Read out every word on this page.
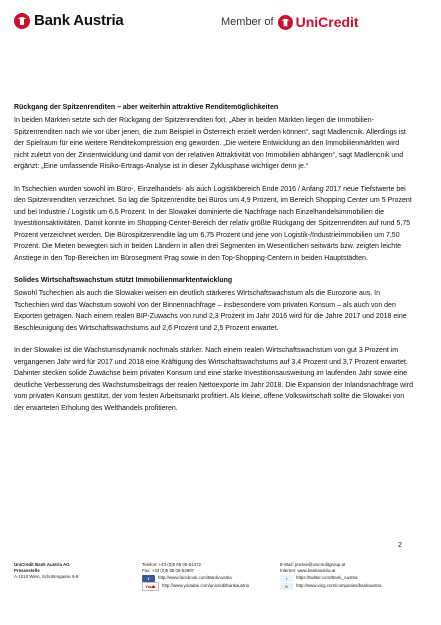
Bank Austria	Member of UniCredit
Rückgang der Spitzenrenditen – aber weiterhin attraktive Renditemöglichkeiten

In beiden Märkten setzte sich der Rückgang der Spitzenrenditen fort. „Aber in beiden Märkten liegen die Immobilien-Spitzenrenditen nach wie vor über jenen, die zum Beispiel in Österreich erzielt werden können“, sagt Madlencnik. Allerdings ist der Spielraum für eine weitere Renditekompression eng geworden. „Die weitere Entwicklung an den Immobilienmärkten wird nicht zuletzt von der Zinsentwicklung und damit von der relativen Attraktivität von Immobilien abhängen“, sagt Madlencnik und ergänzt: „Eine umfassende Risiko-Ertrags-Analyse ist in dieser Zyklusphase wichtiger denn je.“

In Tschechien wurden sowohl im Büro-, Einzelhandels- als auch Logistikbereich Ende 2016 / Anfang 2017 neue Tiefstwerte bei den Spitzenrenditen verzeichnet. So lag die Spitzenrendite bei Büros um 4,9 Prozent, im Bereich Shopping Center um 5 Prozent und bei Industrie / Logistik um 6,5 Prozent. In der Slowakei dominierte die Nachfrage nach Einzelhandelsimmobilien die Investitionsaktivitäten. Damit konnte im Shopping-Center-Bereich der relativ größte Rückgang der Spitzenrenditen auf rund 5,75 Prozent verzeichnet werden. Die Bürospitzenrendite lag um 6,75 Prozent und jene von Logistik-/Industrieimmobilien um 7,50 Prozent. Die Mieten bewegten sich in beiden Ländern in allen drei Segmenten im Wesentlichen seitwärts bzw. zeigten leichte Anstiege in den Top-Bereichen im Bürosegment Prag sowie in den Top-Shopping-Centern in beiden Hauptstädten.

Solides Wirtschaftswachstum stützt Immobilienmarktentwicklung

Sowohl Tschechien als auch die Slowakei weisen ein deutlich stärkeres Wirtschaftswachstum als die Eurozone aus. In Tschechien wird das Wachstum sowohl von der Binnennachfrage – insbesondere vom privaten Konsum – als auch von den Exporten getragen. Nach einem realen BIP-Zuwachs von rund 2,3 Prozent im Jahr 2016 wird für die Jahre 2017 und 2018 eine Beschleunigung des Wirtschaftswachstums auf 2,6 Prozent und 2,5 Prozent erwartet.

In der Slowakei ist die Wachstumsdynamik nochmals stärker. Nach einem realen Wirtschaftswachstum von gut 3 Prozent im vergangenen Jahr wird für 2017 und 2018 eine Kräftigung des Wirtschaftswachstums auf 3,4 Prozent und 3,7 Prozent erwartet. Dahinter stecken solide Zuwächse beim privaten Konsum und eine starke Investitionsausweitung im laufenden Jahr sowie eine deutliche Verbesserung des Wachstumsbeitrags der realen Nettoexporte im Jahr 2018. Die Expansion der Inlandsnachfrage wird vom privaten Konsum gestützt, der vom festen Arbeitsmarkt profitiert. Als kleine, offene Volkswirtschaft sollte die Slowakei von der erwarteten Erholung des Welthandels profitieren.

2
UniCredit Bank Austria AG
Pressestelle
A-1010 Wien, Schottengasse 6-8
Telefon: +43 (0)5 05 05-51472
Fax: +43 (0)5 05 05-52807
f	http://www.facebook.com/BankAustria
You▶	http://www.youtube.com/unicreditbankaustria
E-Mail: presse@unicreditgroup.at
Internet: www.bankaustria.at
t	https://twitter.com/Bank_Austria
X	http://www.xing.com/companies/bankaustria
